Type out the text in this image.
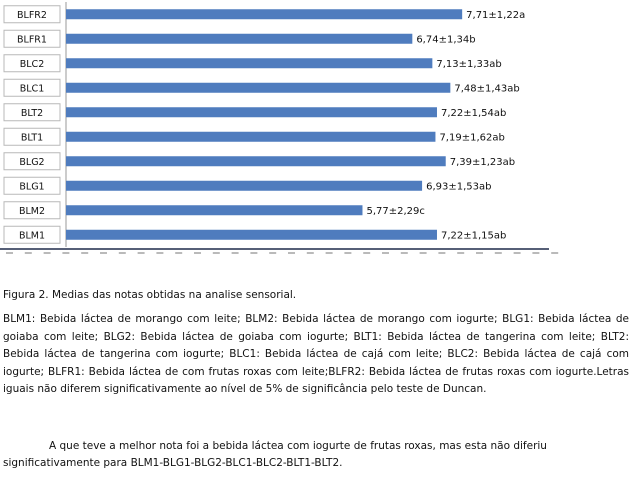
BLFR2	7,71±1,22a
BLFR1	6,74±1,34b
BLC2	7,13±1,33ab
BLC1	7,48±1,43ab
BLT2	7,22±1,54ab
BLT1	7,19±1,62ab
BLG2	7,39±1,23ab
BLG1	6,93±1,53ab
BLM2	5,77±2,29c
BLM1	7,22±1,15ab
Figura 2. Medias das notas obtidas na analise sensorial.
BLM1: Bebida láctea de morango com leite; BLM2: Bebida láctea de morango com iogurte; BLG1: Bebida láctea de goiaba com leite; BLG2: Bebida láctea de goiaba com iogurte; BLT1: Bebida láctea de tangerina com leite; BLT2: Bebida láctea de tangerina com iogurte; BLC1: Bebida láctea de cajá com leite; BLC2: Bebida láctea de cajá com iogurte; BLFR1: Bebida láctea de com frutas roxas com leite;BLFR2: Bebida láctea de frutas roxas com iogurte.Letras iguais não diferem significativamente ao nível de 5% de significância pelo teste de Duncan.
A que teve a melhor nota foi a bebida láctea com iogurte de frutas roxas, mas esta não diferiu significativamente para BLM1-BLG1-BLG2-BLC1-BLC2-BLT1-BLT2.
